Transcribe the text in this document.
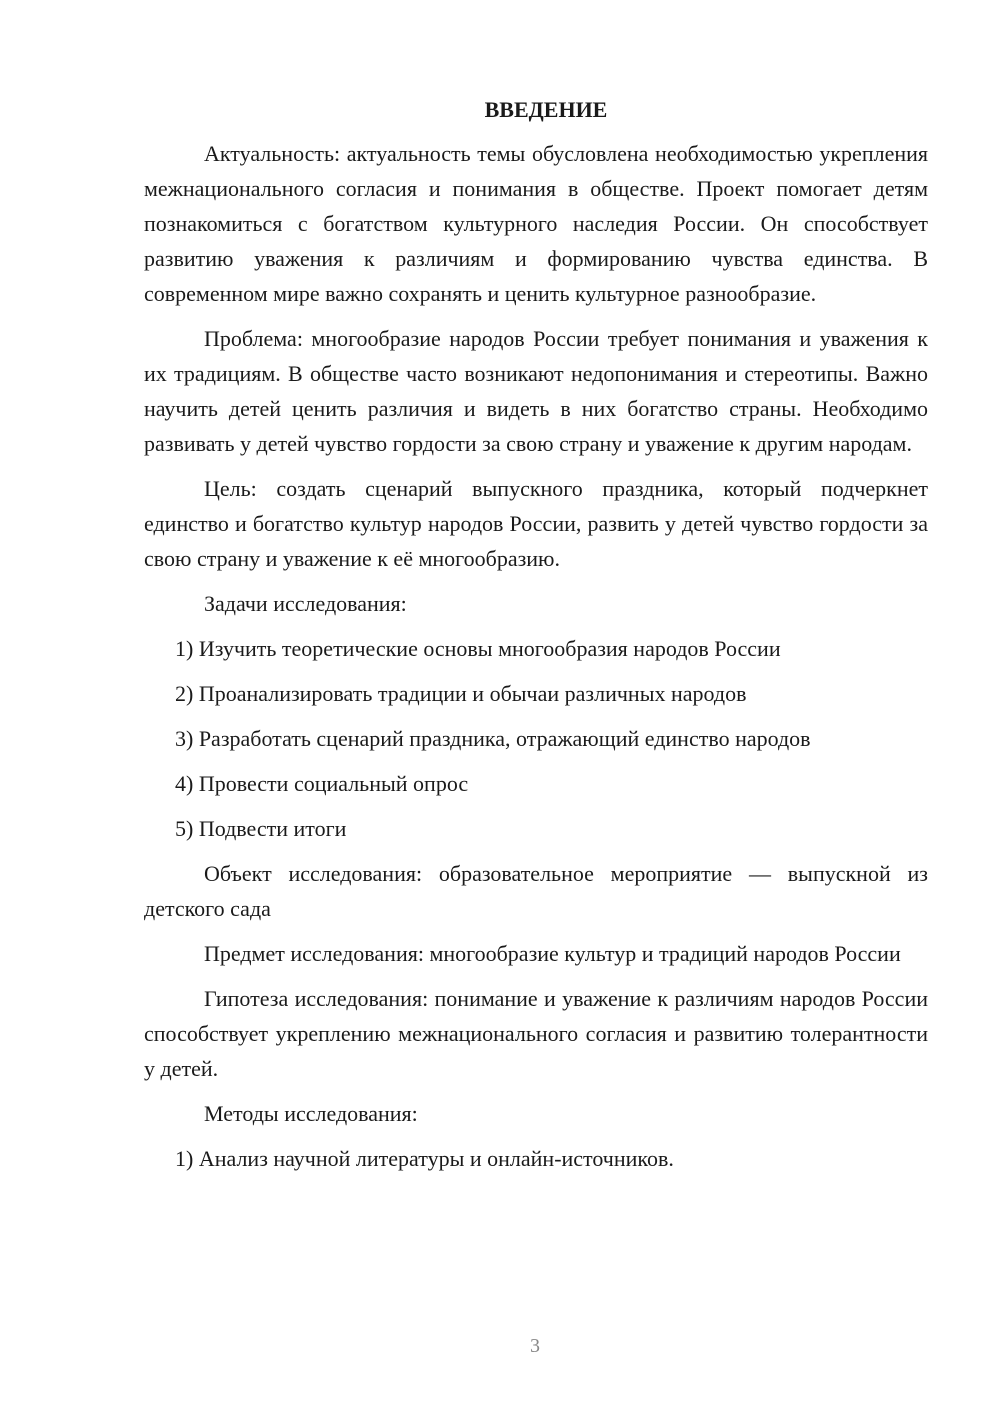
ВВЕДЕНИЕ

Актуальность: актуальность темы обусловлена необходимостью укрепления межнационального согласия и понимания в обществе. Проект помогает детям познакомиться с богатством культурного наследия России. Он способствует развитию уважения к различиям и формированию чувства единства. В современном мире важно сохранять и ценить культурное разнообразие.

Проблема: многообразие народов России требует понимания и уважения к их традициям. В обществе часто возникают недопонимания и стереотипы. Важно научить детей ценить различия и видеть в них богатство страны. Необходимо развивать у детей чувство гордости за свою страну и уважение к другим народам.

Цель: создать сценарий выпускного праздника, который подчеркнет единство и богатство культур народов России, развить у детей чувство гордости за свою страну и уважение к её многообразию.

Задачи исследования:

1) Изучить теоретические основы многообразия народов России
2) Проанализировать традиции и обычаи различных народов
3) Разработать сценарий праздника, отражающий единство народов
4) Провести социальный опрос
5) Подвести итоги

Объект исследования: образовательное мероприятие — выпускной из детского сада

Предмет исследования: многообразие культур и традиций народов России

Гипотеза исследования: понимание и уважение к различиям народов России способствует укреплению межнационального согласия и развитию толерантности у детей.

Методы исследования:

1) Анализ научной литературы и онлайн-источников.
3
